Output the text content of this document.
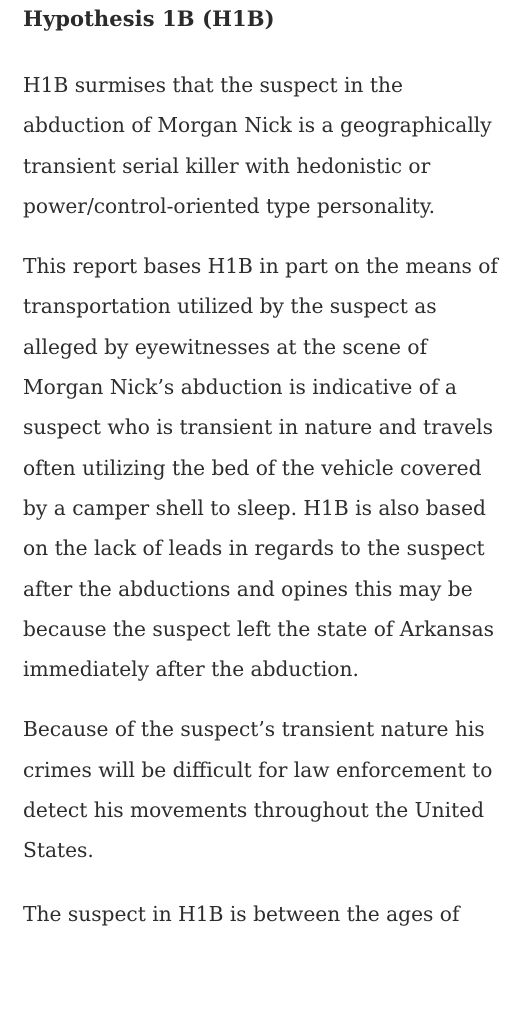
Hypothesis 1B (H1B)

H1B surmises that the suspect in the abduction of Morgan Nick is a geographically transient serial killer with hedonistic or power/control-oriented type personality.

This report bases H1B in part on the means of transportation utilized by the suspect as alleged by eyewitnesses at the scene of Morgan Nick’s abduction is indicative of a suspect who is transient in nature and travels often utilizing the bed of the vehicle covered by a camper shell to sleep. H1B is also based on the lack of leads in regards to the suspect after the abductions and opines this may be because the suspect left the state of Arkansas immediately after the abduction.

Because of the suspect’s transient nature his crimes will be difficult for law enforcement to detect his movements throughout the United States.

The suspect in H1B is between the ages of
